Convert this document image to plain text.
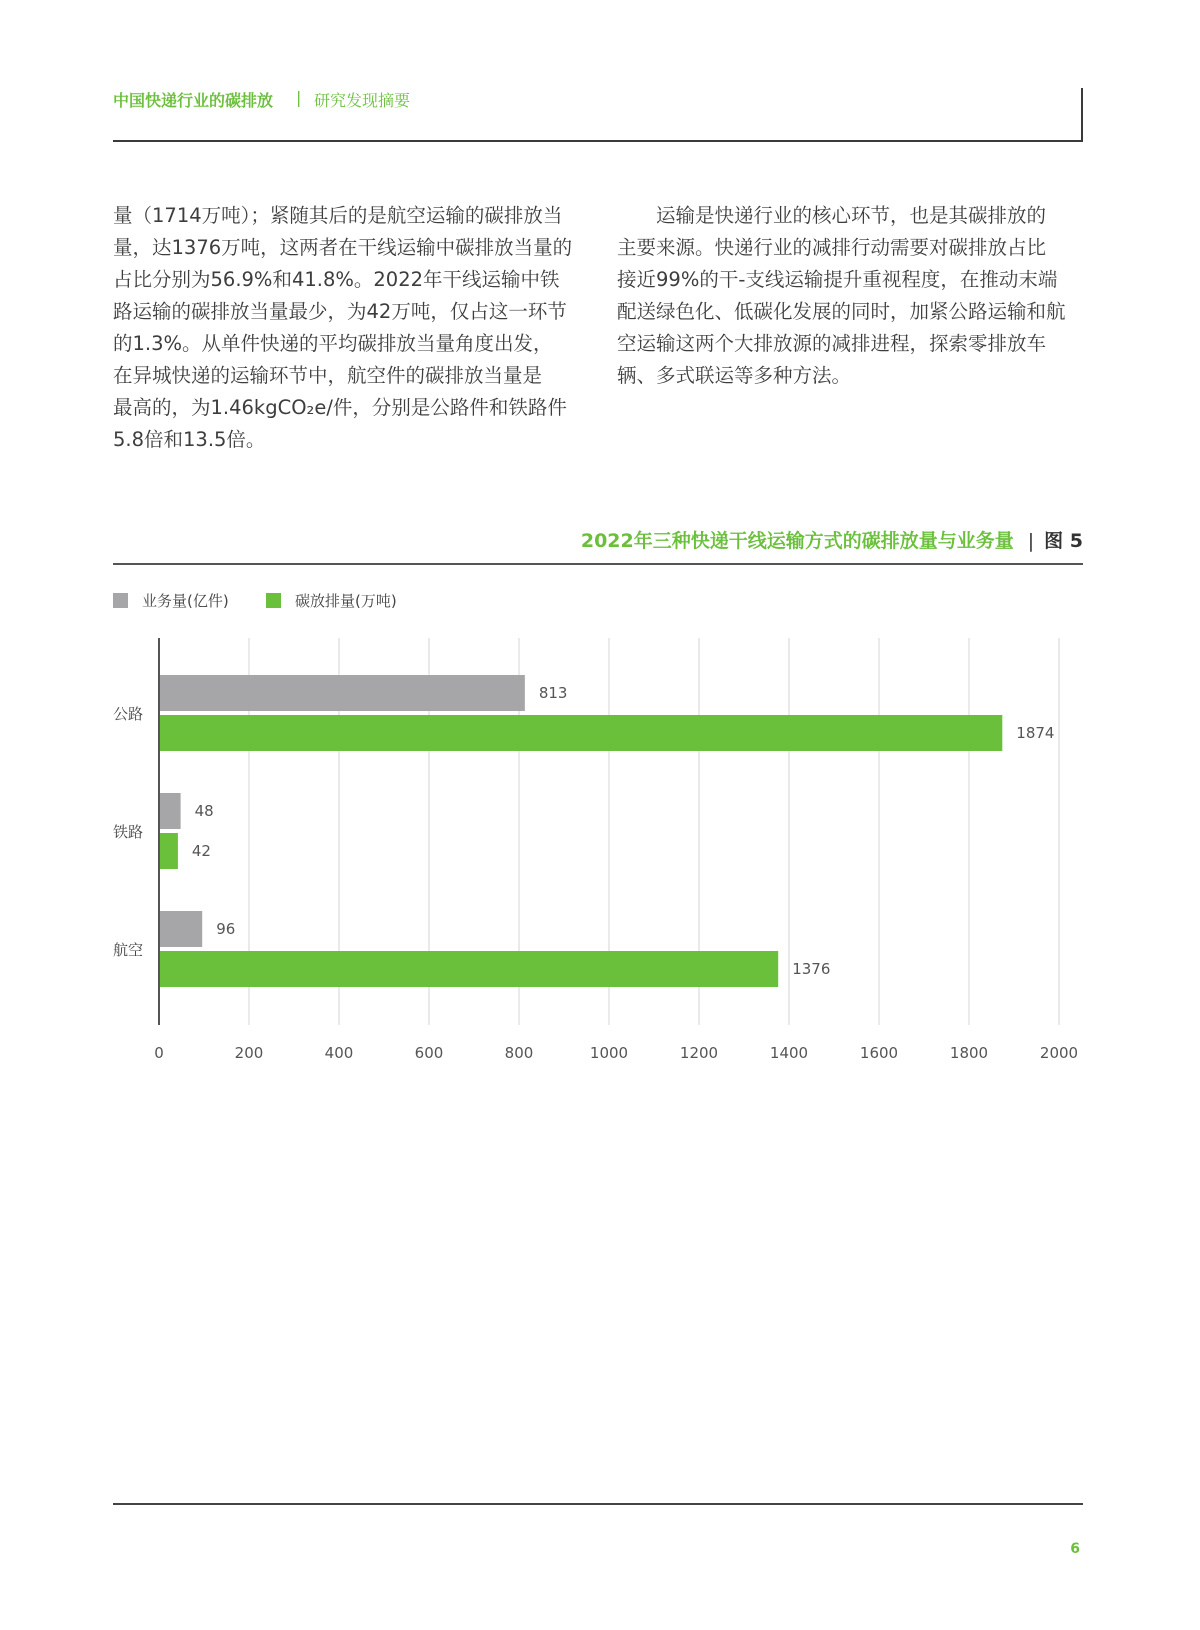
中国快递行业的碳排放 | 研究发现摘要
量（1714万吨）；紧随其后的是航空运输的碳排放当
量，达1376万吨，这两者在干线运输中碳排放当量的
占比分别为56.9%和41.8%。2022年干线运输中铁
路运输的碳排放当量最少，为42万吨，仅占这一环节
的1.3%。从单件快递的平均碳排放当量角度出发，
在异城快递的运输环节中，航空件的碳排放当量是
最高的，为1.46kgCO₂e/件，分别是公路件和铁路件
5.8倍和13.5倍。
　　运输是快递行业的核心环节，也是其碳排放的
主要来源。快递行业的减排行动需要对碳排放占比
接近99%的干-支线运输提升重视程度，在推动末端
配送绿色化、低碳化发展的同时，加紧公路运输和航
空运输这两个大排放源的减排进程，探索零排放车
辆、多式联运等多种方法。
2022年三种快递干线运输方式的碳排放量与业务量 | 图 5
业务量(亿件)	碳放排量(万吨)
0	200	400	600	800	1000	1200	1400	1600	1800	2000
公路
813
1874
铁路
48
42
航空
96
1376
6
